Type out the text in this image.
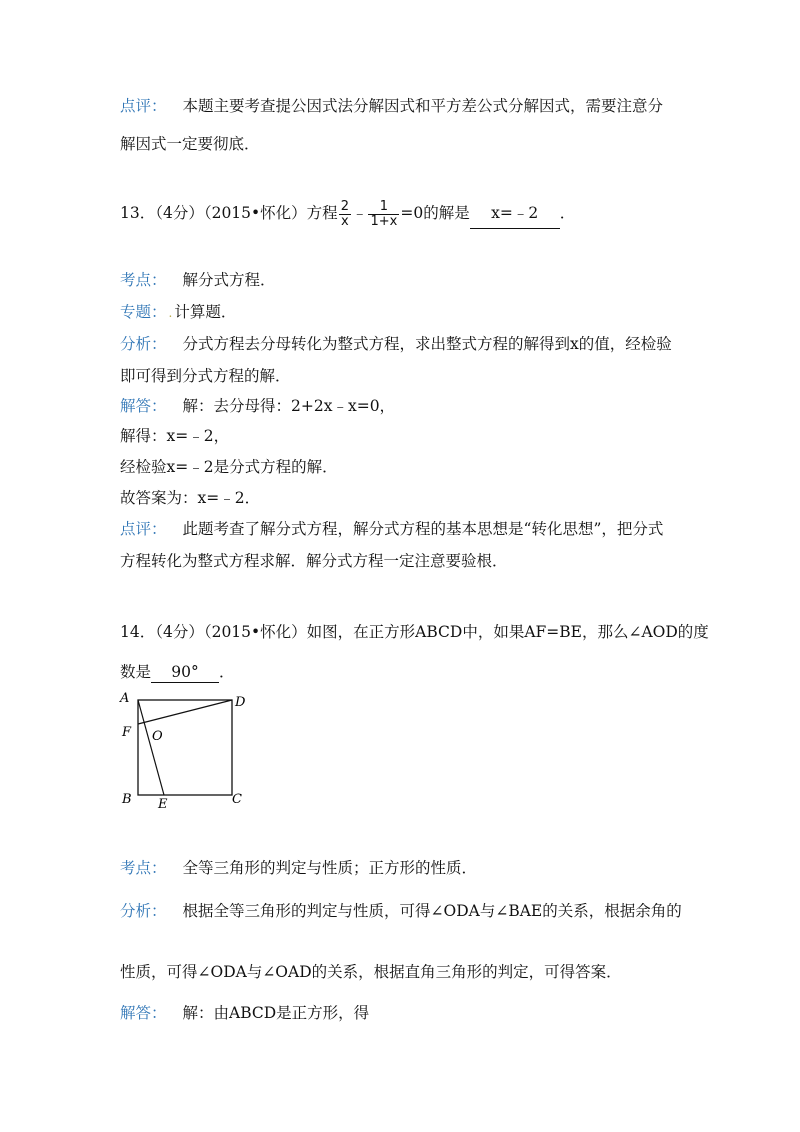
点评： 本题主要考查提公因式法分解因式和平方差公式分解因式，需要注意分
解因式一定要彻底．
13．（4分）（2015•怀化）方程 $\frac{2}{x}$ ﹣ $\frac{1}{1+x} =0$的解是 x=﹣2 ．
考点： 解分式方程．
专题： . 计算题．
分析： 分式方程去分母转化为整式方程，求出整式方程的解得到x的值，经检验
即可得到分式方程的解．
解答： 解：去分母得：2+2x﹣x=0，
解得：x=﹣2，
经检验x=﹣2是分式方程的解．
故答案为：x=﹣2．
点评： 此题考查了解分式方程，解分式方程的基本思想是“转化思想”，把分式
方程转化为整式方程求解．解分式方程一定注意要验根．
14．（4分）（2015•怀化）如图，在正方形ABCD中，如果AF=BE，那么∠AOD的度
数是 90° ．
A	D
F O
B E	C
考点： 全等三角形的判定与性质；正方形的性质．
分析： 根据全等三角形的判定与性质，可得∠ODA与∠BAE的关系，根据余角的
性质，可得∠ODA与∠OAD的关系，根据直角三角形的判定，可得答案．
解答： 解：由ABCD是正方形，得
